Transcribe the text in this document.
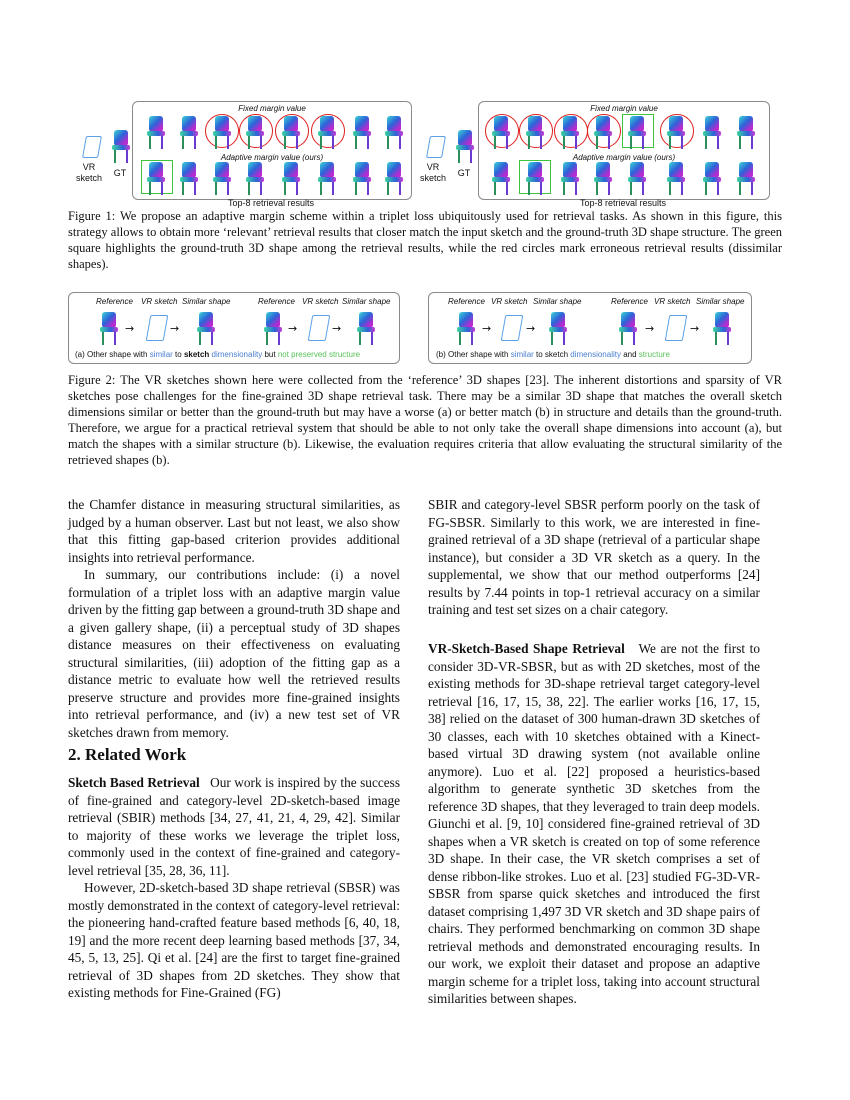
VR
sketch	GT
Fixed margin value
Adaptive margin value (ours)
Top-8 retrieval results
VR
sketch	GT
Fixed margin value
Adaptive margin value (ours)
Top-8 retrieval results
Figure 1: We propose an adaptive margin scheme within a triplet loss ubiquitously used for retrieval tasks. As shown in this figure, this strategy allows to obtain more ‘relevant’ retrieval results that closer match the input sketch and the ground-truth 3D shape structure. The green square highlights the ground-truth 3D shape among the retrieval results, while the red circles mark erroneous retrieval results (dissimilar shapes).
Reference VR sketch Similar shape	Reference VR sketch Similar shape
→	→	→	→
(a) Other shape with similar to sketch dimensionality but not preserved structure
Reference VR sketch Similar shape	Reference VR sketch Similar shape
→	→	→	→
(b) Other shape with similar to sketch dimensionality and structure
Figure 2: The VR sketches shown here were collected from the ‘reference’ 3D shapes [23]. The inherent distortions and sparsity of VR sketches pose challenges for the fine-grained 3D shape retrieval task. There may be a similar 3D shape that matches the overall sketch dimensions similar or better than the ground-truth but may have a worse (a) or better match (b) in structure and details than the ground-truth. Therefore, we argue for a practical retrieval system that should be able to not only take the overall shape dimensions into account (a), but match the shapes with a similar structure (b). Likewise, the evaluation requires criteria that allow evaluating the structural similarity of the retrieved shapes (b).

the Chamfer distance in measuring structural similarities, as judged by a human observer. Last but not least, we also show that this fitting gap-based criterion provides additional insights into retrieval performance.

In summary, our contributions include: (i) a novel formulation of a triplet loss with an adaptive margin value driven by the fitting gap between a ground-truth 3D shape and a given gallery shape, (ii) a perceptual study of 3D shapes distance measures on their effectiveness on evaluating structural similarities, (iii) adoption of the fitting gap as a distance metric to evaluate how well the retrieved results preserve structure and provides more fine-grained insights into retrieval performance, and (iv) a new test set of VR sketches drawn from memory.

2. Related Work

Sketch Based Retrieval Our work is inspired by the success of fine-grained and category-level 2D-sketch-based image retrieval (SBIR) methods [34, 27, 41, 21, 4, 29, 42]. Similar to majority of these works we leverage the triplet loss, commonly used in the context of fine-grained and category-level retrieval [35, 28, 36, 11].

However, 2D-sketch-based 3D shape retrieval (SBSR) was mostly demonstrated in the context of category-level retrieval: the pioneering hand-crafted feature based methods [6, 40, 18, 19] and the more recent deep learning based methods [37, 34, 45, 5, 13, 25]. Qi et al. [24] are the first to target fine-grained retrieval of 3D shapes from 2D sketches. They show that existing methods for Fine-Grained (FG)

SBIR and category-level SBSR perform poorly on the task of FG-SBSR. Similarly to this work, we are interested in fine-grained retrieval of a 3D shape (retrieval of a particular shape instance), but consider a 3D VR sketch as a query. In the supplemental, we show that our method outperforms [24] results by 7.44 points in top-1 retrieval accuracy on a similar training and test set sizes on a chair category.

VR-Sketch-Based Shape Retrieval We are not the first to consider 3D-VR-SBSR, but as with 2D sketches, most of the existing methods for 3D-shape retrieval target category-level retrieval [16, 17, 15, 38, 22]. The earlier works [16, 17, 15, 38] relied on the dataset of 300 human-drawn 3D sketches of 30 classes, each with 10 sketches obtained with a Kinect-based virtual 3D drawing system (not available online anymore). Luo et al. [22] proposed a heuristics-based algorithm to generate synthetic 3D sketches from the reference 3D shapes, that they leveraged to train deep models. Giunchi et al. [9, 10] considered fine-grained retrieval of 3D shapes when a VR sketch is created on top of some reference 3D shape. In their case, the VR sketch comprises a set of dense ribbon-like strokes. Luo et al. [23] studied FG-3D-VR-SBSR from sparse quick sketches and introduced the first dataset comprising 1,497 3D VR sketch and 3D shape pairs of chairs. They performed benchmarking on common 3D shape retrieval methods and demonstrated encouraging results. In our work, we exploit their dataset and propose an adaptive margin scheme for a triplet loss, taking into account structural similarities between shapes.
